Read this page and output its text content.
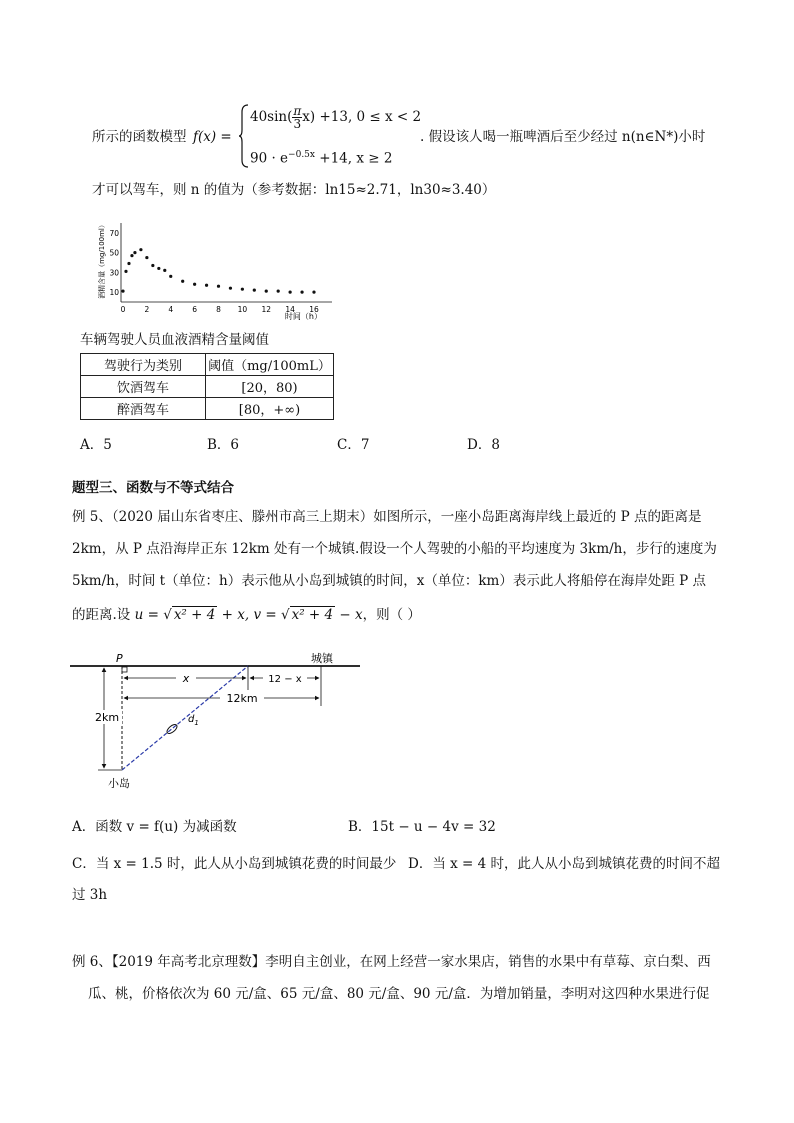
所示的函数模型 f(x) =
$40\sin( \frac{\pi}{3} x) +13$, 0 ≤ x < 2
$90 \cdot e^{-0.5x} +14$, x ≥ 2
. 假设该人喝一瓶啤酒后至少经过 n(n∈N*)小时
才可以驾车，则 n 的值为（参考数据：ln15≈2.71，ln30≈3.40）
酒精含量（mg/100ml）
0	2	4	6	8 10 12 14 16
10
30
50
70
时间（h）
车辆驾驶人员血液酒精含量阈值
驾驶行为类别	阈值（mg/100mL）
饮酒驾车	[20，80)
醉酒驾车	[80，+∞)
A．5	B．6	C．7	D．8
题型三、函数与不等式结合
例 5、（2020 届山东省枣庄、滕州市高三上期末）如图所示，一座小岛距离海岸线上最近的 P 点的距离是
2km，从 P 点沿海岸正东 12km 处有一个城镇.假设一个人驾驶的小船的平均速度为 3km/h，步行的速度为
5km/h，时间 t（单位：h）表示他从小岛到城镇的时间，x（单位：km）表示此人将船停在海岸处距 P 点
的距离.设 u = √ x² + 4 + x, v = √ x² + 4 − x，则（ ）
P	城镇
$d_1$
x	12 − x
12km
2km
小岛
A．函数 v = f(u) 为减函数	B．15t − u − 4v = 32
C．当 x = 1.5 时，此人从小岛到城镇花费的时间最少 D．当 x = 4 时，此人从小岛到城镇花费的时间不超
过 3h
例 6、【2019 年高考北京理数】李明自主创业，在网上经营一家水果店，销售的水果中有草莓、京白梨、西
瓜、桃，价格依次为 60 元/盒、65 元/盒、80 元/盒、90 元/盒．为增加销量，李明对这四种水果进行促
